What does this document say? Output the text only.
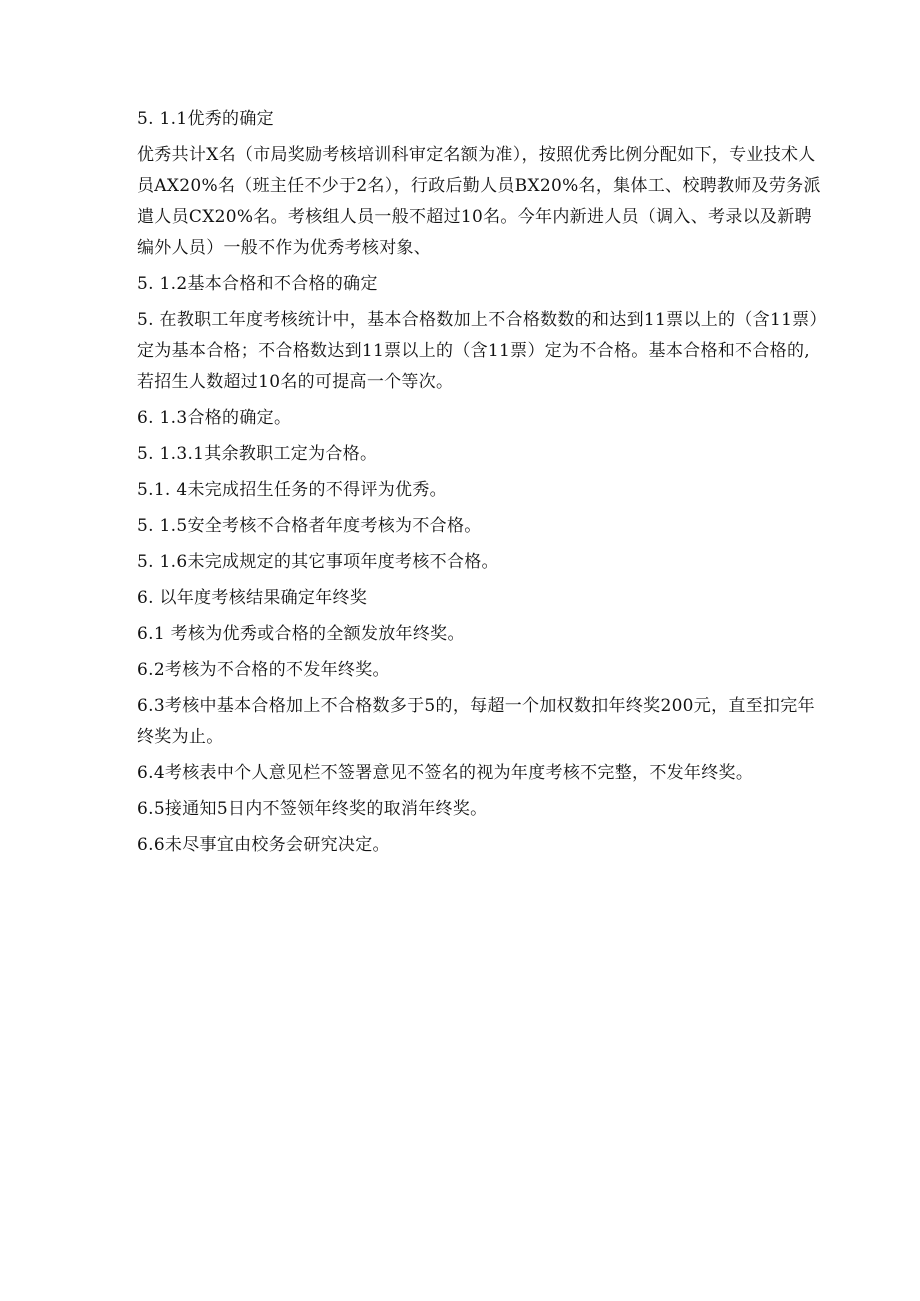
5. 1.1优秀的确定

优秀共计X名（市局奖励考核培训科审定名额为准），按照优秀比例分配如下，专业技术人员AX20%名（班主任不少于2名），行政后勤人员BX20%名，集体工、校聘教师及劳务派遣人员CX20%名。考核组人员一般不超过10名。今年内新进人员（调入、考录以及新聘编外人员）一般不作为优秀考核对象、

5. 1.2基本合格和不合格的确定

5. 在教职工年度考核统计中，基本合格数加上不合格数数的和达到11票以上的（含11票）定为基本合格；不合格数达到11票以上的（含11票）定为不合格。基本合格和不合格的,若招生人数超过10名的可提高一个等次。

6. 1.3合格的确定。

5. 1.3.1其余教职工定为合格。

5.1. 4未完成招生任务的不得评为优秀。

5. 1.5安全考核不合格者年度考核为不合格。

5. 1.6未完成规定的其它事项年度考核不合格。

6. 以年度考核结果确定年终奖

6.1 考核为优秀或合格的全额发放年终奖。

6.2考核为不合格的不发年终奖。

6.3考核中基本合格加上不合格数多于5的，每超一个加权数扣年终奖200元，直至扣完年终奖为止。

6.4考核表中个人意见栏不签署意见不签名的视为年度考核不完整，不发年终奖。

6.5接通知5日内不签领年终奖的取消年终奖。

6.6未尽事宜由校务会研究决定。
